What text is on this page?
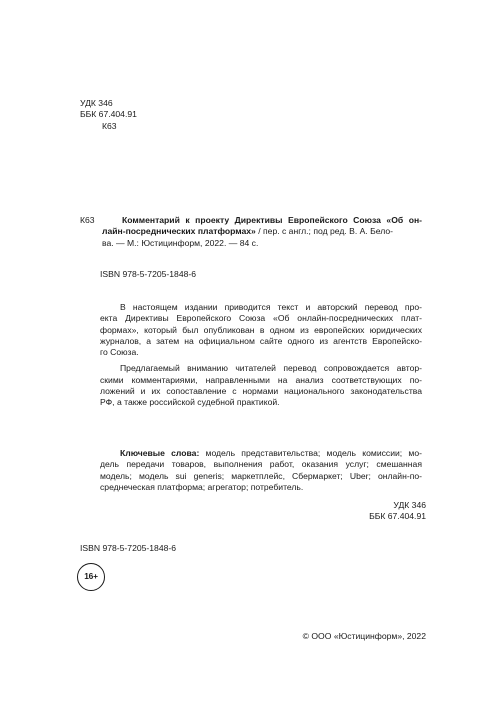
УДК 346
ББК 67.404.91
К63
К63	Комментарий к проекту Директивы Европейского Союза «Об он-
лайн-посреднических платформах» / пер. с англ.; под ред. В. А. Бело-
ва. — М.: Юстицинформ, 2022. — 84 с.
ISBN 978-5-7205-1848-6
В настоящем издании приводится текст и авторский перевод про-
екта Директивы Европейского Союза «Об онлайн-посреднических плат-
формах», который был опубликован в одном из европейских юридических
журналов, а затем на официальном сайте одного из агентств Европейско-
го Союза.
Предлагаемый вниманию читателей перевод сопровождается автор-
скими комментариями, направленными на анализ соответствующих по-
ложений и их сопоставление с нормами национального законодательства
РФ, а также российской судебной практикой.
Ключевые слова: модель представительства; модель комиссии; мо-
дель передачи товаров, выполнения работ, оказания услуг; смешанная
модель; модель sui generis; маркетплейс, Сбермаркет; Uber; онлайн-по-
среднеческая платформа; агрегатор; потребитель.
УДК 346
ББК 67.404.91
ISBN 978-5-7205-1848-6
16+
© ООО «Юстицинформ», 2022
